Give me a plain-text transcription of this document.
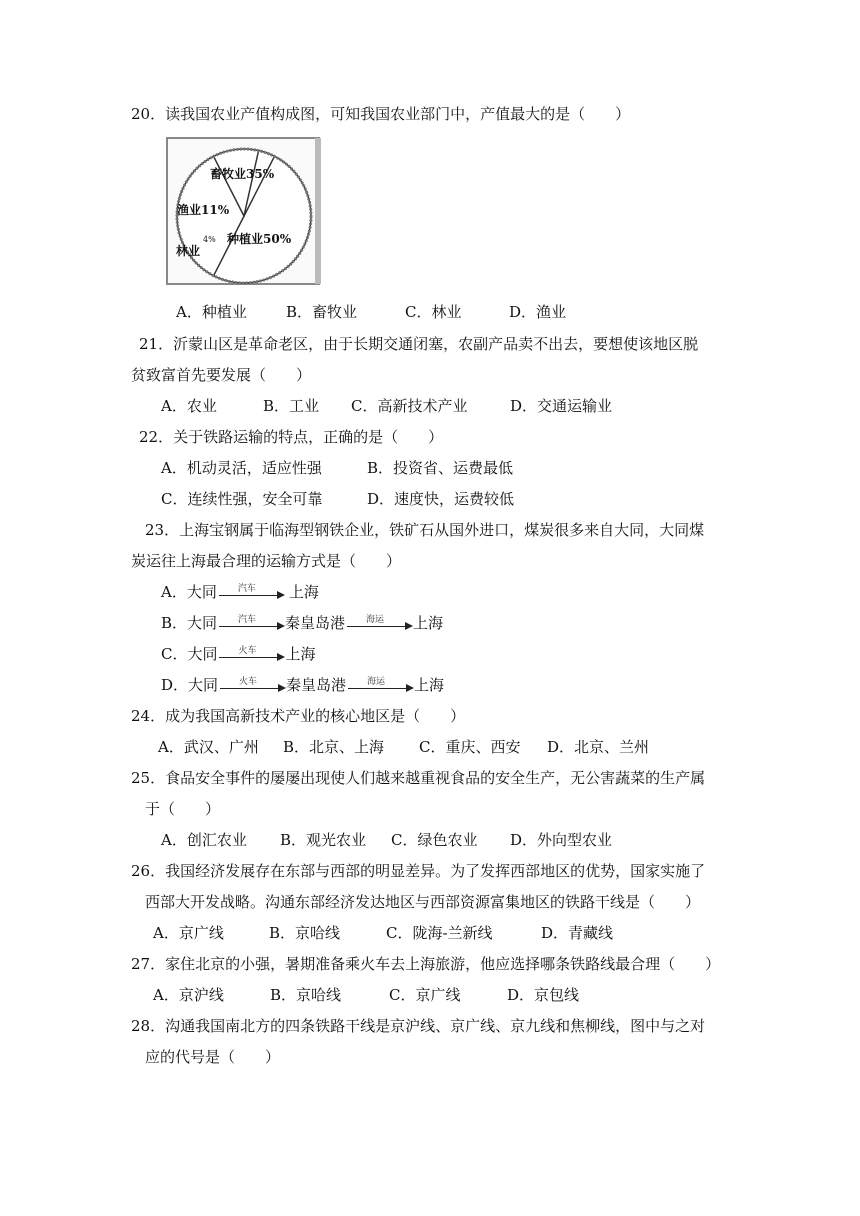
20．读我国农业产值构成图，可知我国农业部门中，产值最大的是（　　）
种植业50%
畜牧业35%
渔业11%
林业
4%
A．种植业	B．畜牧业	C．林业	D．渔业
21．沂蒙山区是革命老区，由于长期交通闭塞，农副产品卖不出去，要想使该地区脱
贫致富首先要发展（　　）
A．农业	B．工业 C．高新技术产业	D．交通运输业
22．关于铁路运输的特点，正确的是（　　）
A．机动灵活，适应性强	B．投资省、运费最低
C．连续性强，安全可靠	D．速度快，运费较低
23．上海宝钢属于临海型钢铁企业，铁矿石从国外进口，煤炭很多来自大同，大同煤
炭运往上海最合理的运输方式是（　　）
A．大同	汽车	上海
B．大同	汽车	秦皇岛港	海运	上海
C．大同	火车	上海
D．大同	火车	秦皇岛港	海运	上海
24．成为我国高新技术产业的核心地区是（　　）
A．武汉、广州 B．北京、上海 C．重庆、西安 D．北京、兰州
25．食品安全事件的屡屡出现使人们越来越重视食品的安全生产，无公害蔬菜的生产属
于（　　）
A．创汇农业 B．观光农业 C．绿色农业 D．外向型农业
26．我国经济发展存在东部与西部的明显差异。为了发挥西部地区的优势，国家实施了
西部大开发战略。沟通东部经济发达地区与西部资源富集地区的铁路干线是（　　）
A．京广线	B．京哈线	C．陇海-兰新线	D．青藏线
27．家住北京的小强，暑期准备乘火车去上海旅游，他应选择哪条铁路线最合理（　　）
A．京沪线	B．京哈线	C．京广线	D．京包线
28．沟通我国南北方的四条铁路干线是京沪线、京广线、京九线和焦柳线，图中与之对
应的代号是（　　）
